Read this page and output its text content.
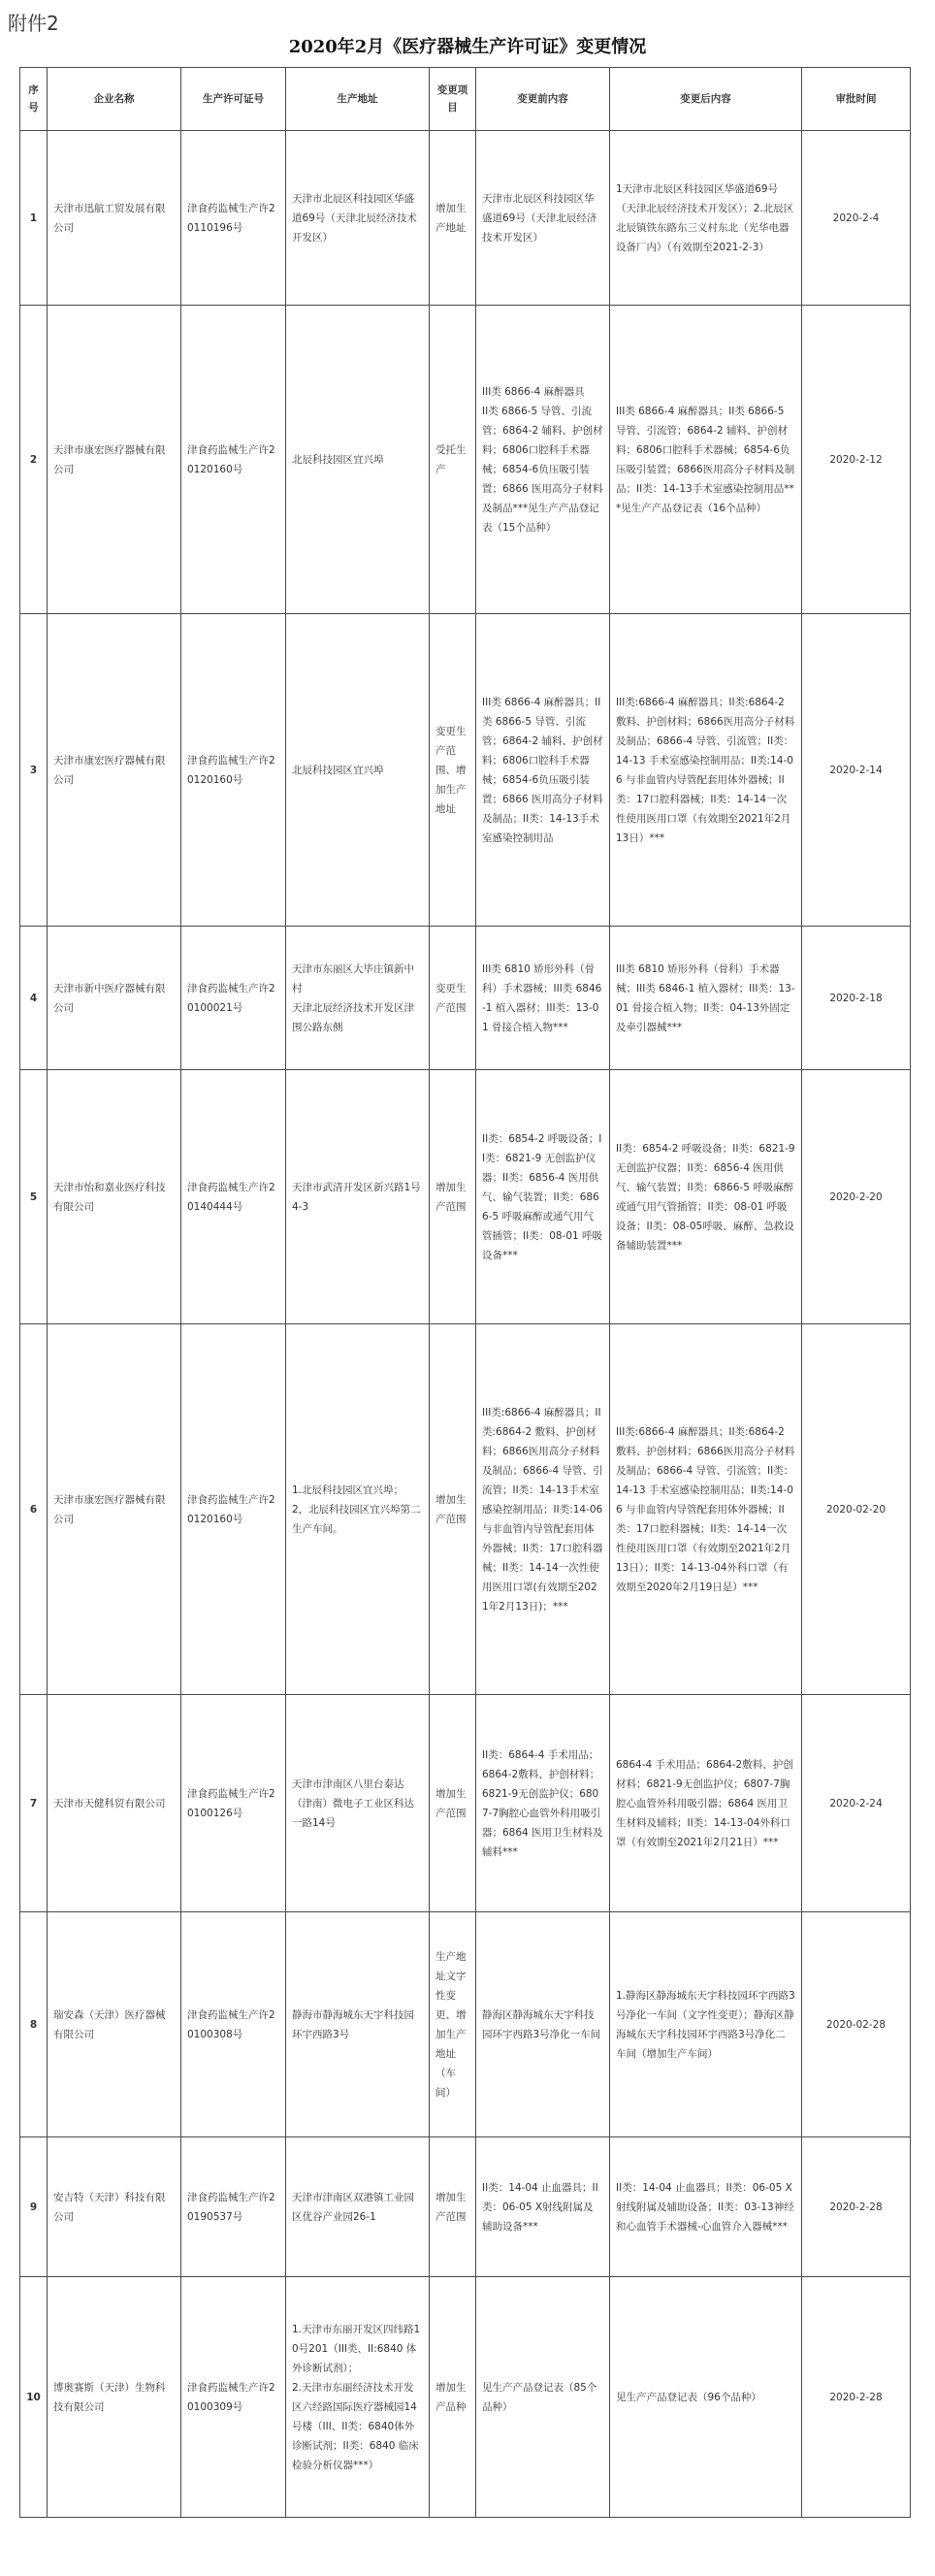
附件2
2020年2月《医疗器械生产许可证》变更情况
序号	企业名称	生产许可证号	生产地址	变更项目	变更前内容	变更后内容	审批时间
1	天津市迅航工贸发展有限公司	津食药监械生产许20110196号	天津市北辰区科技园区华盛道69号（天津北辰经济技术开发区）	增加生产地址	天津市北辰区科技园区华盛道69号（天津北辰经济技术开发区）	1天津市北辰区科技园区华盛道69号（天津北辰经济技术开发区）；2.北辰区北辰镇铁东路东三义村东北（光华电器设备厂内）（有效期至2021-2-3）	2020-2-4
2	天津市康宏医疗器械有限公司	津食药监械生产许20120160号	北辰科技园区宜兴埠	受托生产	III类 6866-4 麻醉器具
II类 6866-5 导管、引流管；6864-2 辅料、护创材料；6806口腔科手术器械；6854-6负压吸引装置；6866 医用高分子材料及制品***见生产产品登记表（15个品种）	III类 6866-4 麻醉器具；II类 6866-5 导管、引流管；6864-2 辅料、护创材料；6806口腔科手术器械；6854-6负压吸引装置；6866医用高分子材料及制品；II类：14-13手术室感染控制用品***见生产产品登记表（16个品种）	2020-2-12
3	天津市康宏医疗器械有限公司	津食药监械生产许20120160号	北辰科技园区宜兴埠	变更生产范围、增加生产地址	III类 6866-4 麻醉器具；II类 6866-5 导管、引流管；6864-2 辅料、护创材料；6806口腔科手术器械；6854-6负压吸引装置；6866 医用高分子材料及制品；II类：14-13手术室感染控制用品	III类:6866-4 麻醉器具；II类:6864-2 敷料、护创材料；6866医用高分子材料及制品；6866-4 导管、引流管；II类：14-13 手术室感染控制用品；II类:14-06 与非血管内导管配套用体外器械；II类：17口腔科器械；II类：14-14一次性使用医用口罩（有效期至2021年2月13日）***	2020-2-14
4	天津市新中医疗器械有限公司	津食药监械生产许20100021号	天津市东丽区大毕庄镇新中村
天津北辰经济技术开发区津围公路东侧	变更生产范围	III类 6810 矫形外科（骨科）手术器械；III类 6846-1 植入器材；III类：13-01 骨接合植入物***	III类 6810 矫形外科（骨科）手术器械；III类 6846-1 植入器材；III类：13-01 骨接合植入物；II类：04-13外固定及牵引器械***	2020-2-18
5	天津市怡和嘉业医疗科技有限公司	津食药监械生产许20140444号	天津市武清开发区新兴路1号4-3	增加生产范围	II类：6854-2 呼吸设备；II类：6821-9 无创监护仪器；II类：6856-4 医用供气、输气装置；II类：6866-5 呼吸麻醉或通气用气管插管；II类：08-01 呼吸设备***	II类：6854-2 呼吸设备；II类：6821-9 无创监护仪器；II类：6856-4 医用供气、输气装置；II类：6866-5 呼吸麻醉或通气用气管插管；II类：08-01 呼吸设备；II类：08-05呼吸、麻醉、急救设备辅助装置***	2020-2-20
6	天津市康宏医疗器械有限公司	津食药监械生产许20120160号	1.北辰科技园区宜兴埠；
2，北辰科技园区宜兴埠第二生产车间。	增加生产范围	III类:6866-4 麻醉器具；II类:6864-2 敷料、护创材料；6866医用高分子材料及制品；6866-4 导管、引流管；II类：14-13手术室感染控制用品；II类:14-06 与非血管内导管配套用体外器械；II类：17口腔科器械；II类：14-14一次性使用医用口罩(有效期至2021年2月13日)；***	III类:6866-4 麻醉器具；II类:6864-2 敷料、护创材料；6866医用高分子材料及制品；6866-4 导管、引流管；II类：14-13 手术室感染控制用品；II类:14-06 与非血管内导管配套用体外器械；II类：17口腔科器械；II类：14-14一次性使用医用口罩（有效期至2021年2月13日）；II类：14-13-04外科口罩（有效期至2020年2月19日是）***	2020-02-20
7	天津市天健科贸有限公司	津食药监械生产许20100126号	天津市津南区八里台泰达（津南）微电子工业区科达一路14号	增加生产范围	II类：6864-4 手术用品；6864-2敷料、护创材料；6821-9无创监护仪；6807-7胸腔心血管外科用吸引器；6864 医用卫生材料及辅料***	6864-4 手术用品；6864-2敷料、护创材料；6821-9无创监护仪；6807-7胸腔心血管外科用吸引器；6864 医用卫生材料及辅料；II类：14-13-04外科口罩（有效期至2021年2月21日）***	2020-2-24
8	瑞安森（天津）医疗器械有限公司	津食药监械生产许20100308号	静海市静海城东天宇科技园环宇西路3号	生产地址文字性变更、增加生产地址（车间）	静海区静海城东天宇科技园环宇西路3号净化一车间	1.静海区静海城东天宇科技园环宇西路3号净化一车间（文字性变更）；静海区静海城东天宇科技园环宇西路3号净化二车间（增加生产车间）	2020-02-28
9	安吉特（天津）科技有限公司	津食药监械生产许20190537号	天津市津南区双港镇工业园区优谷产业园26-1	增加生产范围	II类：14-04 止血器具；II类：06-05 X射线附属及辅助设备***	II类：14-04 止血器具；II类：06-05 X射线附属及辅助设备；II类：03-13神经和心血管手术器械-心血管介入器械***	2020-2-28
10	博奥赛斯（天津）生物科技有限公司	津食药监械生产许20100309号	1.天津市东丽开发区四纬路10号201（III类、II:6840 体外诊断试剂）；
2.天津市东丽经济技术开发区六经路国际医疗器械园14号楼（III、II类：6840体外诊断试剂；II类：6840 临床检验分析仪器***）	增加生产品种	见生产产品登记表（85个品种）	见生产产品登记表（96个品种）	2020-2-28
